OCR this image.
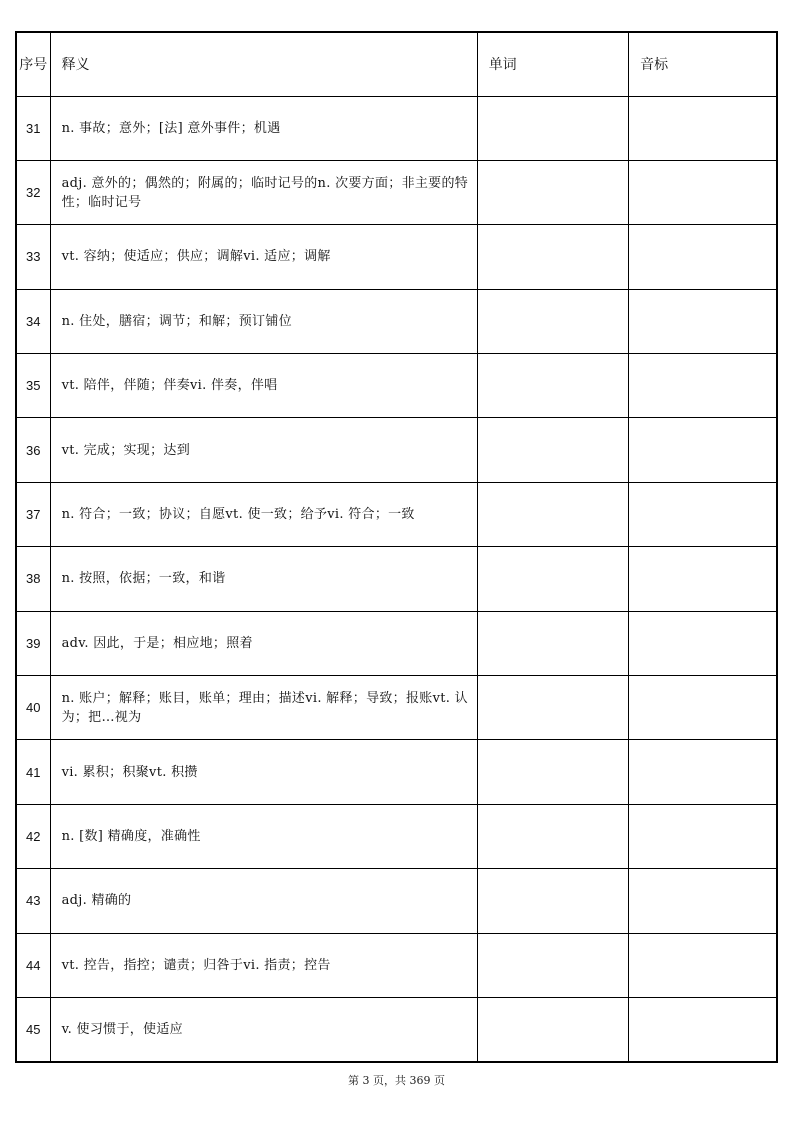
序号	释义	单词	音标
31	n. 事故；意外；[法] 意外事件；机遇		
32	adj. 意外的；偶然的；附属的；临时记号的n. 次要方面；非主要的特性；临时记号		
33	vt. 容纳；使适应；供应；调解vi. 适应；调解		
34	n. 住处，膳宿；调节；和解；预订铺位		
35	vt. 陪伴，伴随；伴奏vi. 伴奏，伴唱		
36	vt. 完成；实现；达到		
37	n. 符合；一致；协议；自愿vt. 使一致；给予vi. 符合；一致		
38	n. 按照，依据；一致，和谐		
39	adv. 因此，于是；相应地；照着		
40	n. 账户；解释；账目，账单；理由；描述vi. 解释；导致；报账vt. 认为；把…视为		
41	vi. 累积；积聚vt. 积攒		
42	n. [数] 精确度，准确性		
43	adj. 精确的		
44	vt. 控告，指控；谴责；归咎于vi. 指责；控告		
45	v. 使习惯于，使适应		
第 3 页，共 369 页
